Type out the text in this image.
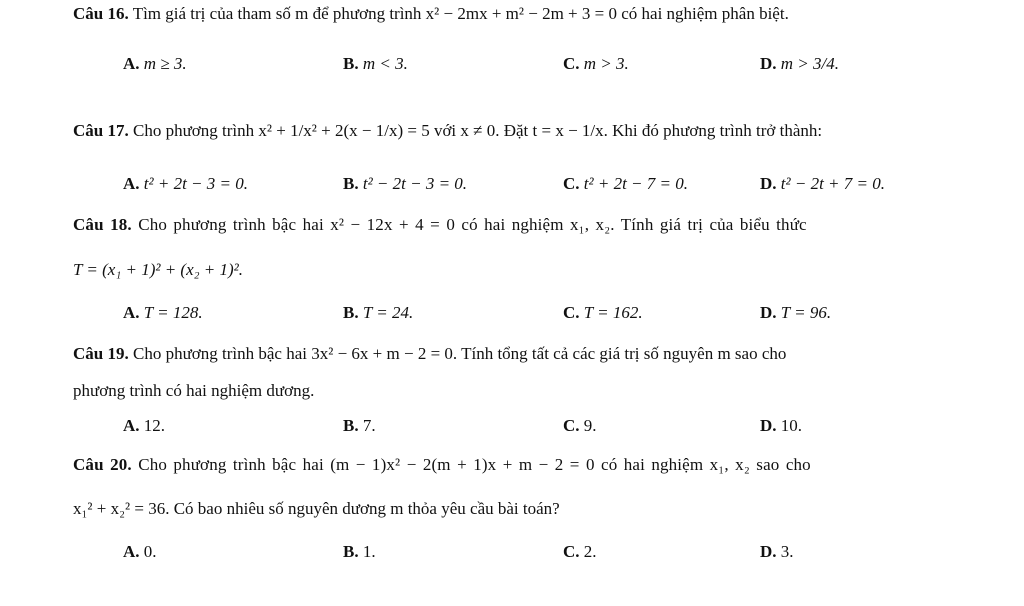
Câu 16. Tìm giá trị của tham số m để phương trình x² − 2mx + m² − 2m + 3 = 0 có hai nghiệm phân biệt.
A. m ≥ 3.	B. m < 3.	C. m > 3.	D. m > 3/4.
Câu 17. Cho phương trình x² + 1/x² + 2(x − 1/x) = 5 với x ≠ 0. Đặt t = x − 1/x. Khi đó phương trình trở thành:
A. t² + 2t − 3 = 0.	B. t² − 2t − 3 = 0.	C. t² + 2t − 7 = 0.	D. t² − 2t + 7 = 0.
Câu 18. Cho phương trình bậc hai x² − 12x + 4 = 0 có hai nghiệm x₁, x₂. Tính giá trị của biểu thức
T = (x₁ + 1)² + (x₂ + 1)².
A. T = 128.	B. T = 24.	C. T = 162.	D. T = 96.
Câu 19. Cho phương trình bậc hai 3x² − 6x + m − 2 = 0. Tính tổng tất cả các giá trị số nguyên m sao cho
phương trình có hai nghiệm dương.
A. 12.	B. 7.	C. 9.	D. 10.
Câu 20. Cho phương trình bậc hai (m − 1)x² − 2(m + 1)x + m − 2 = 0 có hai nghiệm x₁, x₂ sao cho
x₁² + x₂² = 36. Có bao nhiêu số nguyên dương m thỏa yêu cầu bài toán?
A. 0.	B. 1.	C. 2.	D. 3.
